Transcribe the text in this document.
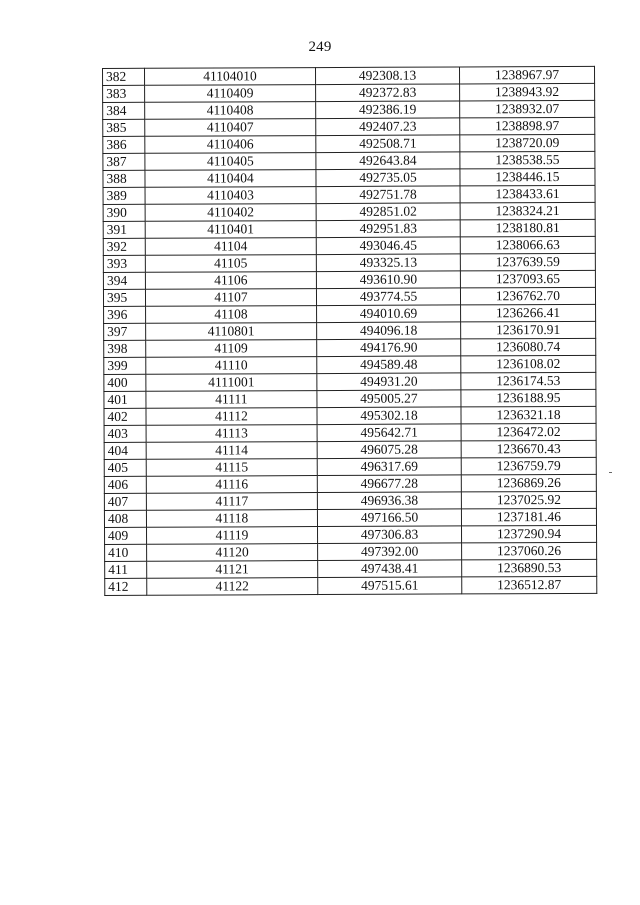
249
382	41104010	492308.13	1238967.97
383	4110409	492372.83	1238943.92
384	4110408	492386.19	1238932.07
385	4110407	492407.23	1238898.97
386	4110406	492508.71	1238720.09
387	4110405	492643.84	1238538.55
388	4110404	492735.05	1238446.15
389	4110403	492751.78	1238433.61
390	4110402	492851.02	1238324.21
391	4110401	492951.83	1238180.81
392	41104	493046.45	1238066.63
393	41105	493325.13	1237639.59
394	41106	493610.90	1237093.65
395	41107	493774.55	1236762.70
396	41108	494010.69	1236266.41
397	4110801	494096.18	1236170.91
398	41109	494176.90	1236080.74
399	41110	494589.48	1236108.02
400	4111001	494931.20	1236174.53
401	41111	495005.27	1236188.95
402	41112	495302.18	1236321.18
403	41113	495642.71	1236472.02
404	41114	496075.28	1236670.43
405	41115	496317.69	1236759.79
406	41116	496677.28	1236869.26
407	41117	496936.38	1237025.92
408	41118	497166.50	1237181.46
409	41119	497306.83	1237290.94
410	41120	497392.00	1237060.26
411	41121	497438.41	1236890.53
412	41122	497515.61	1236512.87
